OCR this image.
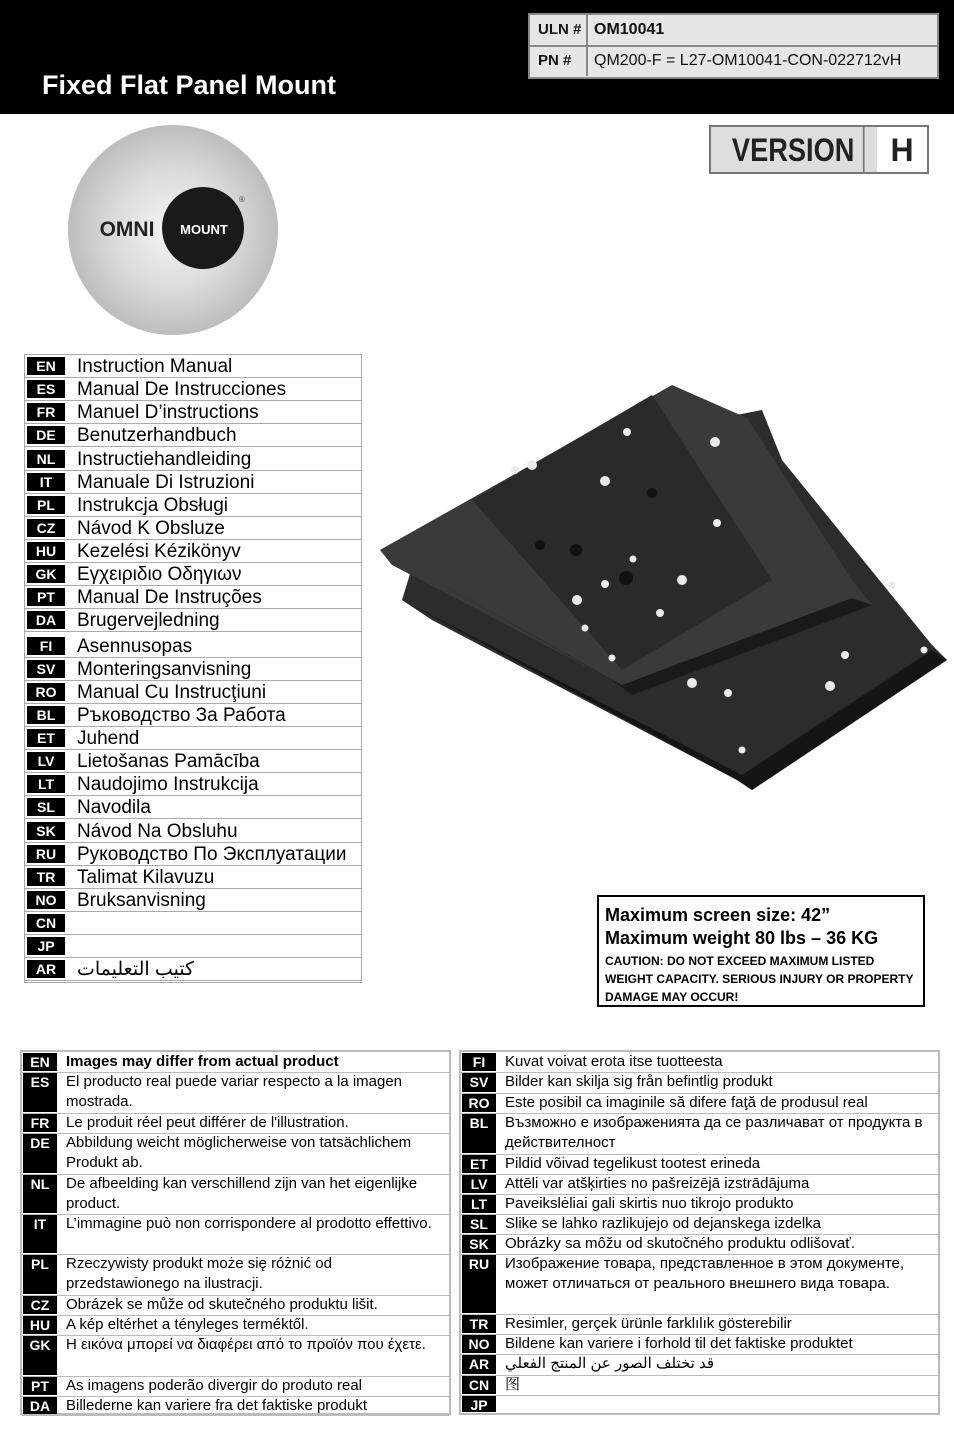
Fixed Flat Panel Mount
ULN # OM10041
PN #	QM200-F = L27-OM10041-CON-022712vH
VERSION	H
OMNI MOUNT
®
EN	Instruction Manual
ES	Manual De Instrucciones
FR	Manuel D’instructions
DE	Benutzerhandbuch
NL	Instructiehandleiding
IT	Manuale Di Istruzioni
PL	Instrukcja Obsługi
CZ	Návod K Obsluze
HU	Kezelési Kézikönyv
GK	Εγχειριδιο Οδηγιων
PT	Manual De Instruções
DA	Brugervejledning
FI	Asennusopas
SV	Monteringsanvisning
RO	Manual Cu Instrucţiuni
BL	Ръководство За Работа
ET	Juhend
LV	Lietošanas Pamācība
LT	Naudojimo Instrukcija
SL	Navodila
SK	Návod Na Obsluhu
RU	Руководство По Эксплуатации
TR	Talimat Kilavuzu
NO	Bruksanvisning
CN
JP
AR	كتيب التعليمات
Maximum screen size: 42”
Maximum weight 80 lbs – 36 KG
CAUTION: DO NOT EXCEED MAXIMUM LISTED WEIGHT CAPACITY. SERIOUS INJURY OR PROPERTY DAMAGE MAY OCCUR!
EN	Images may differ from actual product
ES	El producto real puede variar respecto a la imagen mostrada.
FR	Le produit réel peut différer de l'illustration.
DE	Abbildung weicht möglicherweise von tatsächlichem Produkt ab.
NL	De afbeelding kan verschillend zijn van het eigenlijke product.
IT	L’immagine può non corrispondere al prodotto effettivo.
PL	Rzeczywisty produkt może się różnić od przedstawionego na ilustracji.
CZ	Obrázek se může od skutečného produktu lišit.
HU	A kép eltérhet a tényleges terméktől.
GK	Η εικόνα μπορεί να διαφέρει από το προϊόν που έχετε.
PT	As imagens poderão divergir do produto real
DA	Billederne kan variere fra det faktiske produkt
FI	Kuvat voivat erota itse tuotteesta
SV	Bilder kan skilja sig från befintlig produkt
RO	Este posibil ca imaginile să difere faţă de produsul real
BL	Възможно е изображенията да се различават от продукта в действителност
ET	Pildid võivad tegelikust tootest erineda
LV	Attēli var atšķirties no pašreizējā izstrādājuma
LT	Paveikslėliai gali skirtis nuo tikrojo produkto
SL	Slike se lahko razlikujejo od dejanskega izdelka
SK	Obrázky sa môžu od skutočného produktu odlišovať.
RU	Изображение товара, представленное в этом документе, может отличаться от реального внешнего вида товара.
TR	Resimler, gerçek ürünle farklılık gösterebilir
NO	Bildene kan variere i forhold til det faktiske produktet
AR	قد تختلف الصور عن المنتج الفعلي
CN	图
JP
